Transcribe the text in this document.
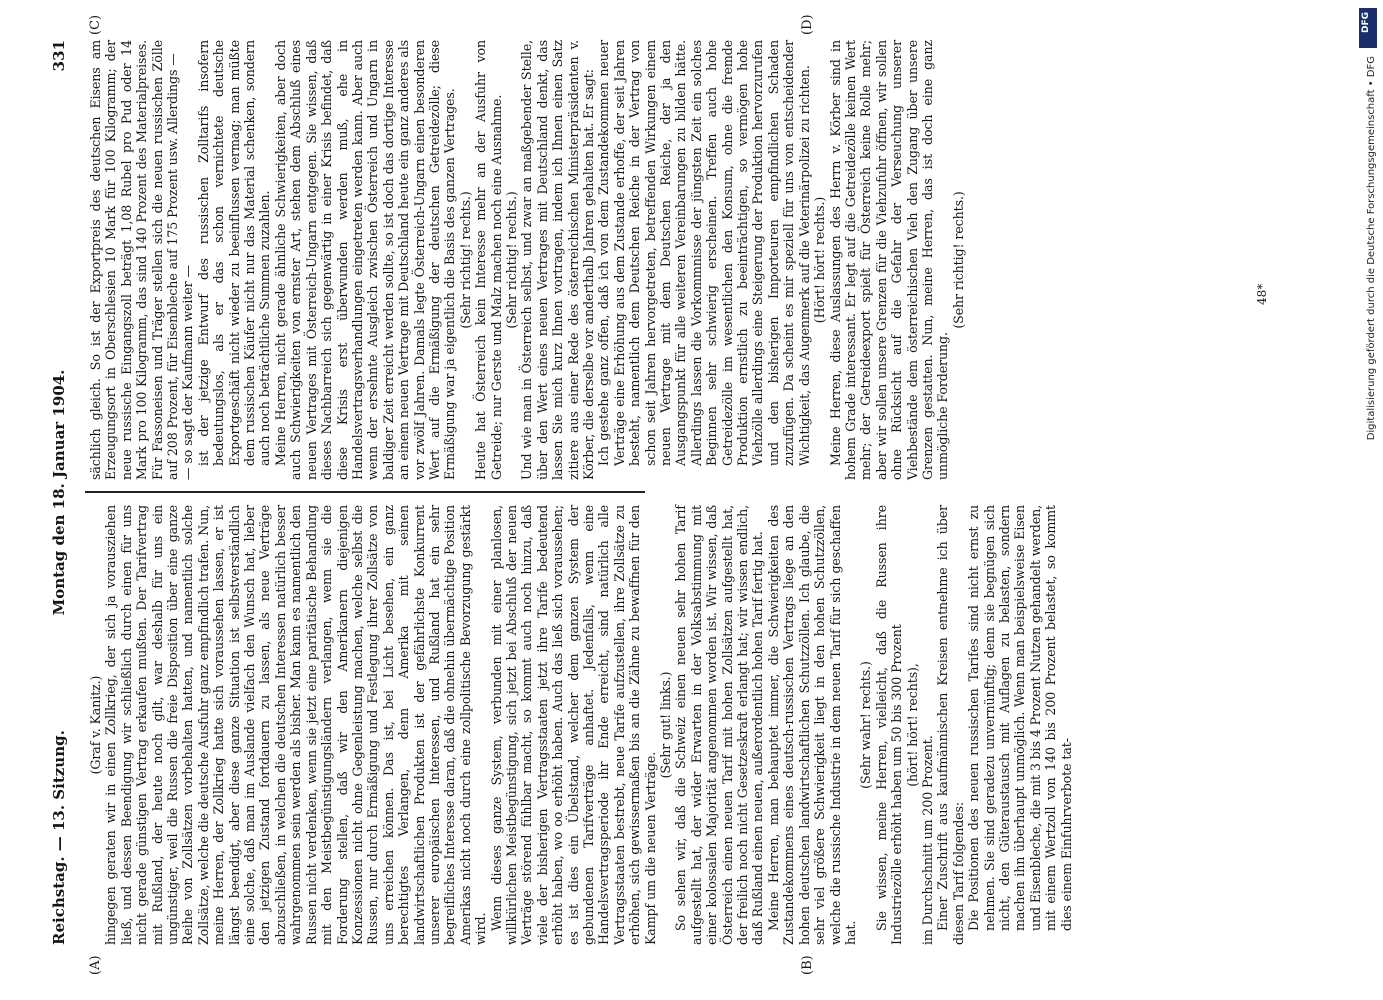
Reichstag. — 13. Sitzung.
Montag den 18. Januar 1904.
331
(A)	(B)
(C)	(D)

(Graf v. Kanitz.) hingegen geraten wir in einen Zollkrieg, der sich ja vorausziehen ließ, und dessen Beendigung wir schließlich durch einen für uns nicht gerade günstigen Vertrag erkaufen mußten. Der Tarifvertrag mit Rußland, der heute noch gilt, war deshalb für uns ein ungünstiger, weil die Russen die freie Disposition über eine ganze Reihe von Zollsätzen vorbehalten hatten, und namentlich solche Zollsätze, welche die deutsche Ausfuhr ganz empfindlich trafen. Nun, meine Herren, der Zollkrieg hatte sich voraussehen lassen, er ist längst beendigt, aber diese ganze Situation ist selbstverständlich eine solche, daß man im Auslande vielfach den Wunsch hat, lieber den jetzigen Zustand fortdauern zu lassen, als neue Verträge abzuschließen, in welchen die deutschen Interessen natürlich besser wahrgenommen sein werden als bisher. Man kann es namentlich den Russen nicht verdenken, wenn sie jetzt eine paritätische Behandlung mit den Meistbegünstigungsländern verlangen, wenn sie die Forderung stellen, daß wir den Amerikanern diejenigen Konzessionen nicht ohne Gegenleistung machen, welche selbst die Russen, nur durch Ermäßigung und Festlegung ihrer Zollsätze von uns erreichen können. Das ist, bei Licht besehen, ein ganz berechtigtes Verlangen, denn Amerika mit seinen landwirtschaftlichen Produkten ist der gefährlichste Konkurrent unserer europäischen Interessen, und Rußland hat ein sehr begreifliches Interesse daran, daß die ohnehin übermächtige Position Amerikas nicht noch durch eine zollpolitische Bevorzugung gestärkt wird. Wenn dieses ganze System, verbunden mit einer planlosen, willkürlichen Meistbegünstigung, sich jetzt bei Abschluß der neuen Verträge störend fühlbar macht, so kommt auch noch hinzu, daß viele der bisherigen Vertragsstaaten jetzt ihre Tarife bedeutend erhöht haben, wo oo erhöht haben. Auch das ließ sich voraussehen; es ist dies ein Übelstand, welcher dem ganzen System der gebundenen Tarifverträge anhaftet. Jedenfalls, wenn eine Handelsvertragsperiode ihr Ende erreicht, sind natürlich alle Vertragsstaaten bestrebt, neue Tarife aufzustellen, ihre Zollsätze zu erhöhen, sich gewissermaßen bis an die Zähne zu bewaffnen für den Kampf um die neuen Verträge.

(Sehr gut! links.) So sehen wir, daß die Schweiz einen neuen sehr hohen Tarif aufgestellt hat, der wider Erwarten in der Volksabstimmung mit einer kolossalen Majorität angenommen worden ist. Wir wissen, daß Österreich einen neuen Tarif mit hohen Zollsätzen aufgestellt hat, der freilich noch nicht Gesetzeskraft erlangt hat; wir wissen endlich, daß Rußland einen neuen, außerordentlich hohen Tarif fertig hat. Meine Herren, man behauptet immer, die Schwierigkeiten des Zustandekommens eines deutsch-russischen Vertrags liege an den hohen deutschen landwirtschaftlichen Schutzzöllen. Ich glaube, die sehr viel größere Schwierigkeit liegt in den hohen Schutzzöllen, welche die russische Industrie in dem neuen Tarif für sich geschaffen hat.

(Sehr wahr! rechts.) Sie wissen, meine Herren, vielleicht, daß die Russen ihre Industriezölle erhöht haben um 50 bis 300 Prozent (hört! hört! rechts),

im Durchschnitt um 200 Prozent. Einer Zuschrift aus kaufmännischen Kreisen entnehme ich über diesen Tarif folgendes: Die Positionen des neuen russischen Tarifes sind nicht ernst zu nehmen. Sie sind geradezu unvernünftig; denn sie begnügen sich nicht, den Güteraustausch mit Auflagen zu belasten, sondern machen ihn überhaupt unmöglich. Wenn man beispielsweise Eisen und Eisenbleche, die mit 3 bis 4 Prozent Nutzen gehandelt werden, mit einem Wertzoll von 140 bis 200 Prozent belastet, so kommt dies einem Einfuhrverbote tat-

sächlich gleich. So ist der Exportpreis des deutschen Eisens am Erzeugungsort in Oberschlesien 10 Mark für 100 Kilogramm; der neue russische Eingangszoll beträgt 1,08 Rubel pro Pud oder 14 Mark pro 100 Kilogramm, das sind 140 Prozent des Materialpreises. Für Fassoneisen und Träger stellen sich die neuen russischen Zölle auf 208 Prozent, für Eisenbleche auf 175 Prozent usw. Allerdings — — so sagt der Kaufmann weiter — ist der jetzige Entwurf des russischen Zolltarifs insofern bedeutungslos, als er das schon vernichtete deutsche Exportgeschäft nicht wieder zu beeinflussen vermag; man müßte dem russischen Käufer nicht nur das Material schenken, sondern auch noch beträchtliche Summen zuzahlen. Meine Herren, nicht gerade ähnliche Schwierigkeiten, aber doch auch Schwierigkeiten von ernster Art, stehen dem Abschluß eines neuen Vertrages mit Österreich-Ungarn entgegen. Sie wissen, daß dieses Nachbarreich sich gegenwärtig in einer Krisis befindet, daß diese Krisis erst überwunden werden muß, ehe in Handelsvertragsverhandlungen eingetreten werden kann. Aber auch wenn der ersehnte Ausgleich zwischen Österreich und Ungarn in baldiger Zeit erreicht werden sollte, so ist doch das dortige Interesse an einem neuen Vertrage mit Deutschland heute ein ganz anderes als vor zwölf Jahren. Damals legte Österreich-Ungarn einen besonderen Wert auf die Ermäßigung der deutschen Getreidezölle; diese Ermäßigung war ja eigentlich die Basis des ganzen Vertrages. (Sehr richtig! rechts.) Heute hat Österreich kein Interesse mehr an der Ausfuhr von Getreide; nur Gerste und Malz machen noch eine Ausnahme. (Sehr richtig! rechts.) Und wie man in Österreich selbst, und zwar an maßgebender Stelle, über den Wert eines neuen Vertrages mit Deutschland denkt, das lassen Sie mich kurz Ihnen vortragen, indem ich Ihnen einen Satz zitiere aus einer Rede des österreichischen Ministerpräsidenten v. Körber, die derselbe vor anderthalb Jahren gehalten hat. Er sagt: Ich gestehe ganz offen, daß ich von dem Zustandekommen neuer Verträge eine Erhöhung aus dem Zustande erhoffe, der seit Jahren besteht, namentlich dem Deutschen Reiche in der Vertrag von schon seit Jahren hervorgetreten, betreffenden Wirkungen einem neuen Vertrage mit dem Deutschen Reiche, der ja den Ausgangspunkt für alle weiteren Vereinbarungen zu bilden hätte. Allerdings lassen die Vorkommnisse der jüngsten Zeit ein solches Beginnen sehr schwierig erscheinen. Treffen auch hohe Getreidezölle im wesentlichen den Konsum, ohne die fremde Produktion ernstlich zu beeinträchtigen, so vermögen hohe Viehzölle allerdings eine Steigerung der Produktion hervorzurufen und den bisherigen Importeuren empfindlichen Schaden zuzufügen. Da scheint es mir speziell für uns von entscheidender Wichtigkeit, das Augenmerk auf die Veterinärpolizei zu richten. (Hört! hört! rechts.) Meine Herren, diese Auslassungen des Herrn v. Körber sind in hohem Grade interessant. Er legt auf die Getreidezölle keinen Wert mehr; der Getreideexport spielt für Österreich keine Rolle mehr; aber wir sollen unsere Grenzen für die Viehzufuhr öffnen, wir sollen ohne Rücksicht auf die Gefahr der Verseuchung unserer Viehbestände dem österreichischen Vieh den Zugang über unsere Grenzen gestatten. Nun, meine Herren, das ist doch eine ganz unmögliche Forderung.

(Sehr richtig! rechts.)	48*
DFG
Digitalisierung gefördert durch die Deutsche Forschungsgemeinschaft • DFG
